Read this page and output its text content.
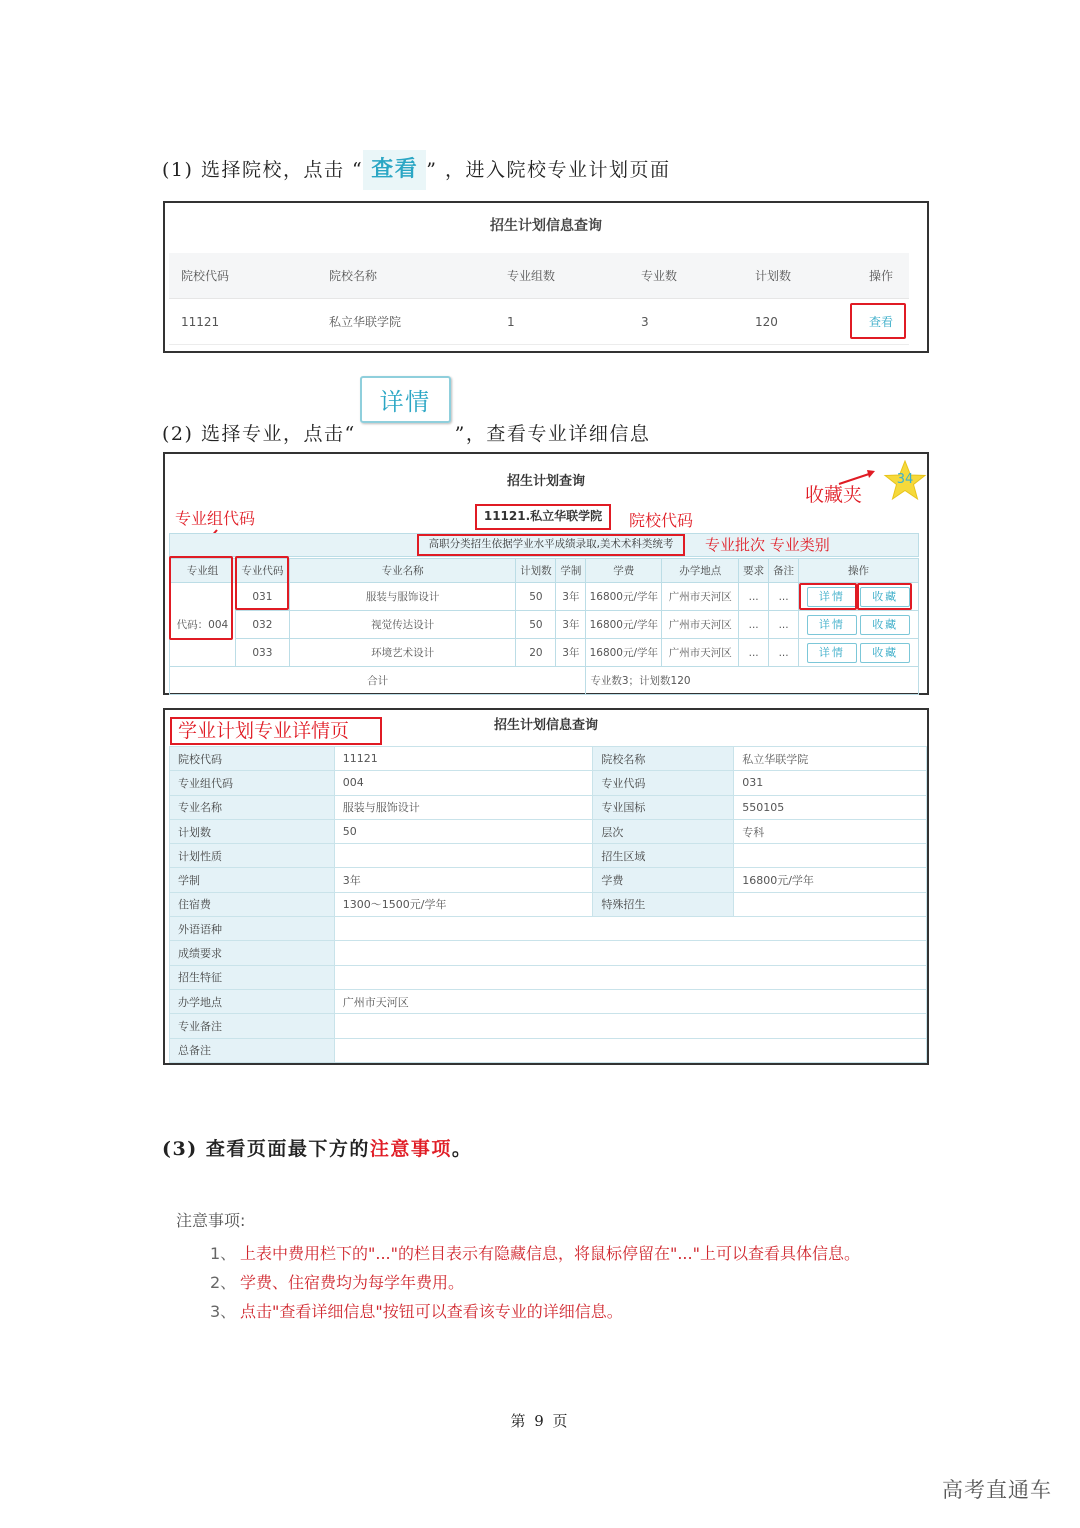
(1) 选择院校，点击 “ 查看 ” ，进入院校专业计划页面
招生计划信息查询
院校代码	院校名称	专业组数	专业数	计划数	操作
11121	私立华联学院	1	3	120	查看
(2) 选择专业，点击“详情”，查看专业详细信息
招生计划查询
11121.私立华联学院	院校代码
专业组代码
收藏夹
34
高职分类招生依据学业水平成绩录取,美术术科类统考	专业批次 专业类别
专业组	专业代码	专业名称	计划数	学制	学费	办学地点	要求	备注	操作
代码：004	031	服装与服饰设计	50	3年	16800元/学年	广州市天河区	...	...	详情 收藏
	032	视觉传达设计	50	3年	16800元/学年	广州市天河区	...	...	详情 收藏
	033	环境艺术设计	20	3年	16800元/学年	广州市天河区	...	...	详情 收藏
合计					专业数3；计划数120				
招生计划信息查询
学业计划专业详情页
院校代码	11121	院校名称	私立华联学院
专业组代码	004	专业代码	031
专业名称	服装与服饰设计	专业国标	550105
计划数	50	层次	专科
计划性质		招生区域	
学制	3年	学费	16800元/学年
住宿费	1300～1500元/学年	特殊招生	
外语语种			
成绩要求			
招生特征			
办学地点	广州市天河区		
专业备注			
总备注			
(3) 查看页面最下方的注意事项。
注意事项:
1、 上表中费用栏下的"..."的栏目表示有隐藏信息，将鼠标停留在"..."上可以查看具体信息。
2、 学费、住宿费均为每学年费用。
3、 点击"查看详细信息"按钮可以查看该专业的详细信息。
第 9 页
高考直通车
